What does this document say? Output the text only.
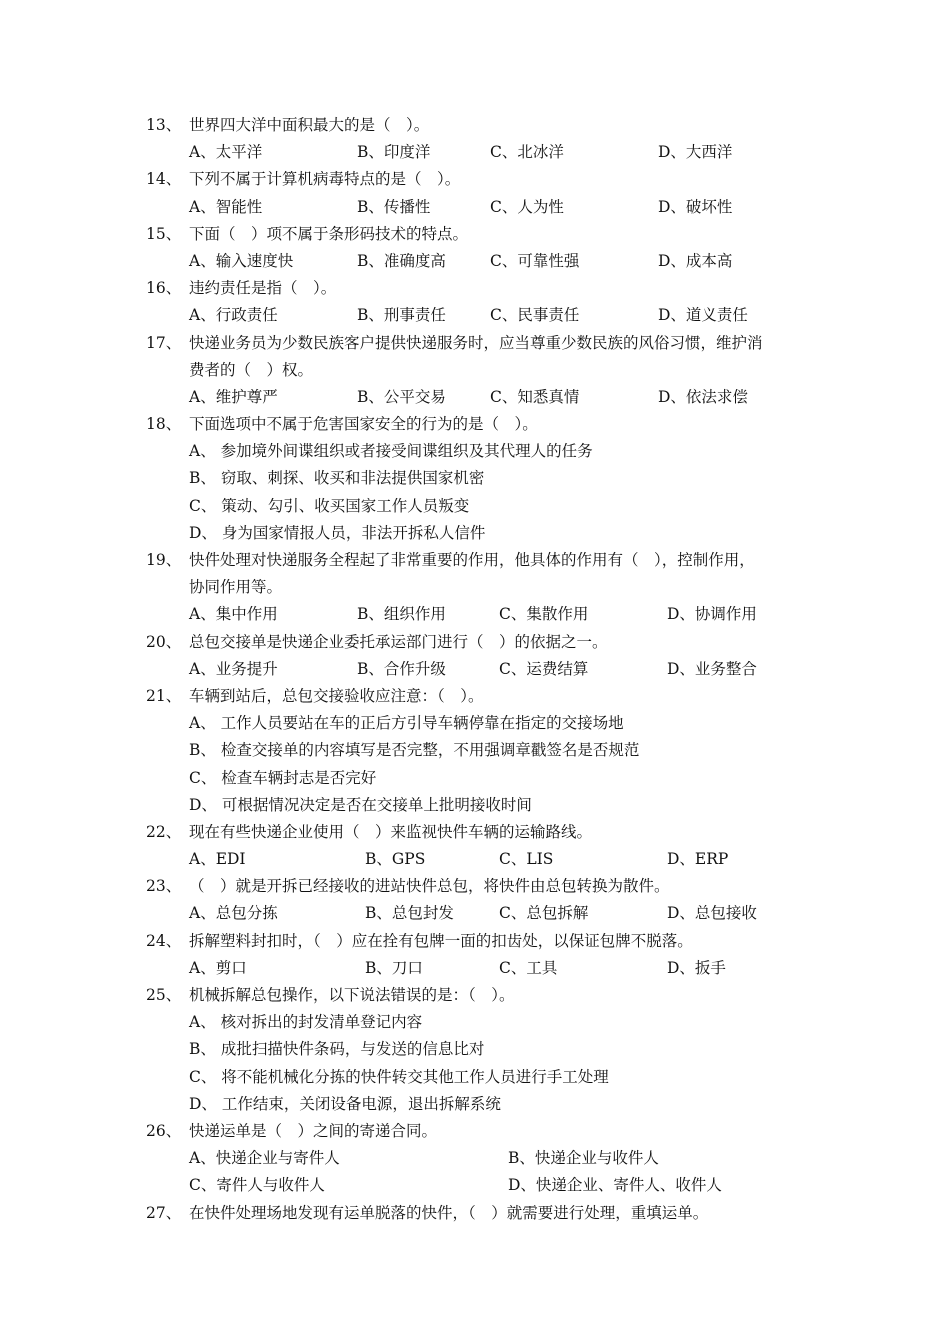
13、 世界四大洋中面积最大的是（　）。
A、太平洋	B、印度洋	C、北冰洋	D、大西洋
14、 下列不属于计算机病毒特点的是（　）。
A、智能性	B、传播性	C、人为性	D、破坏性
15、 下面（　）项不属于条形码技术的特点。
A、输入速度快	B、准确度高	C、可靠性强	D、成本高
16、 违约责任是指（　）。
A、行政责任	B、刑事责任	C、民事责任	D、道义责任
17、 快递业务员为少数民族客户提供快递服务时，应当尊重少数民族的风俗习惯，维护消
费者的（　）权。
A、维护尊严	B、公平交易	C、知悉真情	D、依法求偿
18、 下面选项中不属于危害国家安全的行为的是（　）。
A、 参加境外间谍组织或者接受间谍组织及其代理人的任务
B、 窃取、刺探、收买和非法提供国家机密
C、 策动、勾引、收买国家工作人员叛变
D、 身为国家情报人员，非法开拆私人信件
19、 快件处理对快递服务全程起了非常重要的作用，他具体的作用有（　），控制作用，
协同作用等。
A、集中作用	B、组织作用	C、集散作用	D、协调作用
20、 总包交接单是快递企业委托承运部门进行（　）的依据之一。
A、业务提升	B、合作升级	C、运费结算	D、业务整合
21、 车辆到站后，总包交接验收应注意：（　）。
A、 工作人员要站在车的正后方引导车辆停靠在指定的交接场地
B、 检查交接单的内容填写是否完整，不用强调章戳签名是否规范
C、 检查车辆封志是否完好
D、 可根据情况决定是否在交接单上批明接收时间
22、 现在有些快递企业使用（　）来监视快件车辆的运输路线。
A、EDI	B、GPS	C、LIS	D、ERP
23、 （　）就是开拆已经接收的进站快件总包，将快件由总包转换为散件。
A、总包分拣	B、总包封发	C、总包拆解	D、总包接收
24、 拆解塑料封扣时，（　）应在拴有包牌一面的扣齿处，以保证包牌不脱落。
A、剪口	B、刀口	C、工具	D、扳手
25、 机械拆解总包操作，以下说法错误的是：（　）。
A、 核对拆出的封发清单登记内容
B、 成批扫描快件条码，与发送的信息比对
C、 将不能机械化分拣的快件转交其他工作人员进行手工处理
D、 工作结束，关闭设备电源，退出拆解系统
26、 快递运单是（　）之间的寄递合同。
A、快递企业与寄件人	B、快递企业与收件人
C、寄件人与收件人	D、快递企业、寄件人、收件人
27、 在快件处理场地发现有运单脱落的快件，（　）就需要进行处理，重填运单。
